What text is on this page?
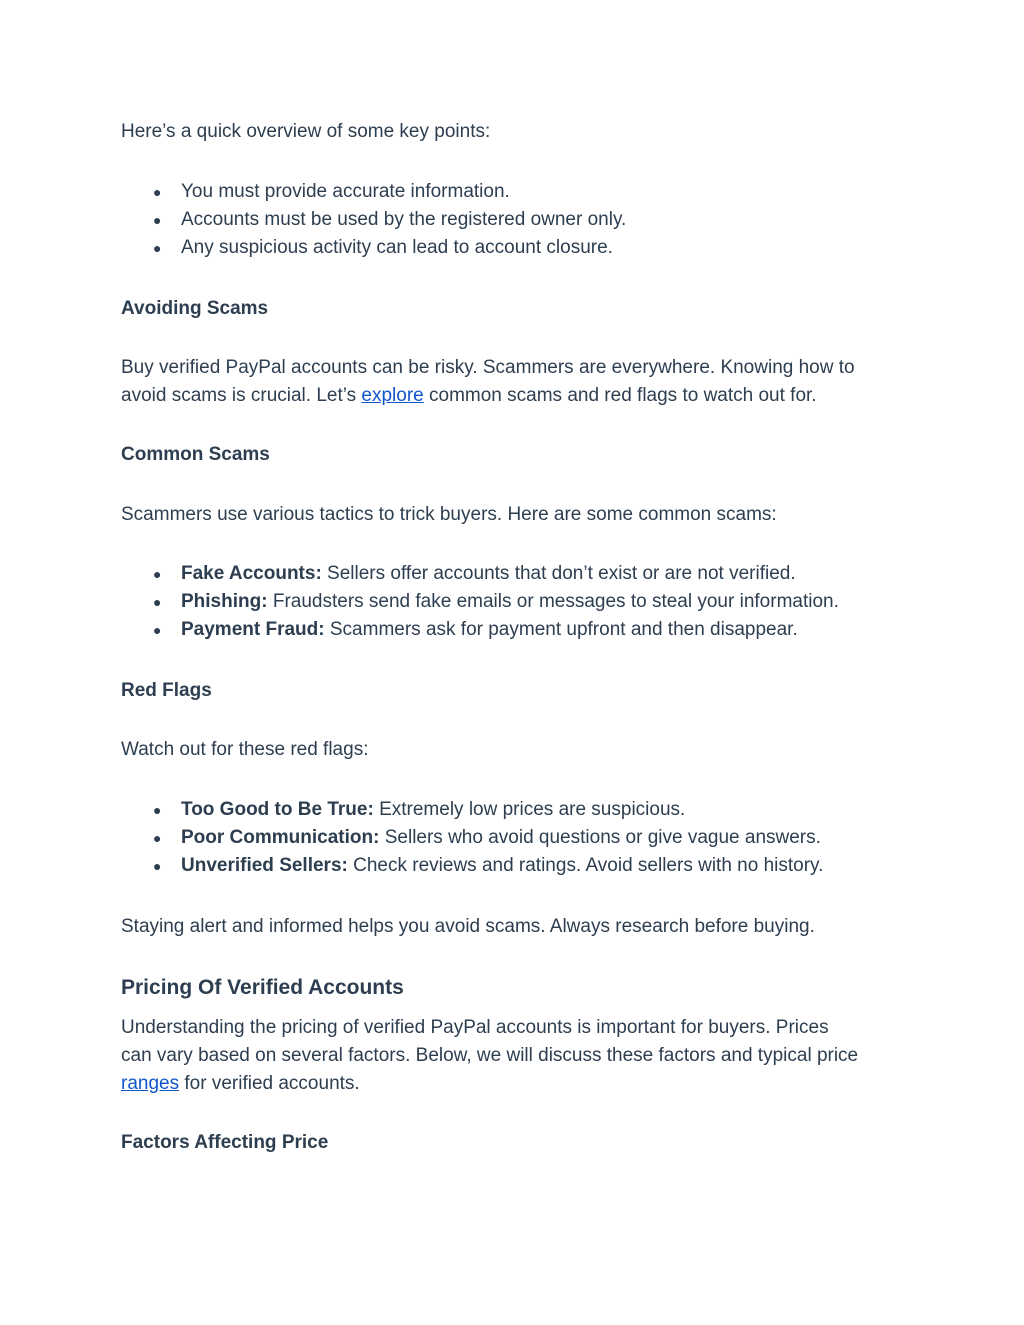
Here’s a quick overview of some key points:
● You must provide accurate information.
● Accounts must be used by the registered owner only.
● Any suspicious activity can lead to account closure.
Avoiding Scams
Buy verified PayPal accounts can be risky. Scammers are everywhere. Knowing how to
avoid scams is crucial. Let’s explore common scams and red flags to watch out for.
Common Scams
Scammers use various tactics to trick buyers. Here are some common scams:
● Fake Accounts: Sellers offer accounts that don’t exist or are not verified.
● Phishing: Fraudsters send fake emails or messages to steal your information.
● Payment Fraud: Scammers ask for payment upfront and then disappear.
Red Flags
Watch out for these red flags:
● Too Good to Be True: Extremely low prices are suspicious.
● Poor Communication: Sellers who avoid questions or give vague answers.
● Unverified Sellers: Check reviews and ratings. Avoid sellers with no history.
Staying alert and informed helps you avoid scams. Always research before buying.
Pricing Of Verified Accounts
Understanding the pricing of verified PayPal accounts is important for buyers. Prices
can vary based on several factors. Below, we will discuss these factors and typical price
ranges for verified accounts.
Factors Affecting Price
